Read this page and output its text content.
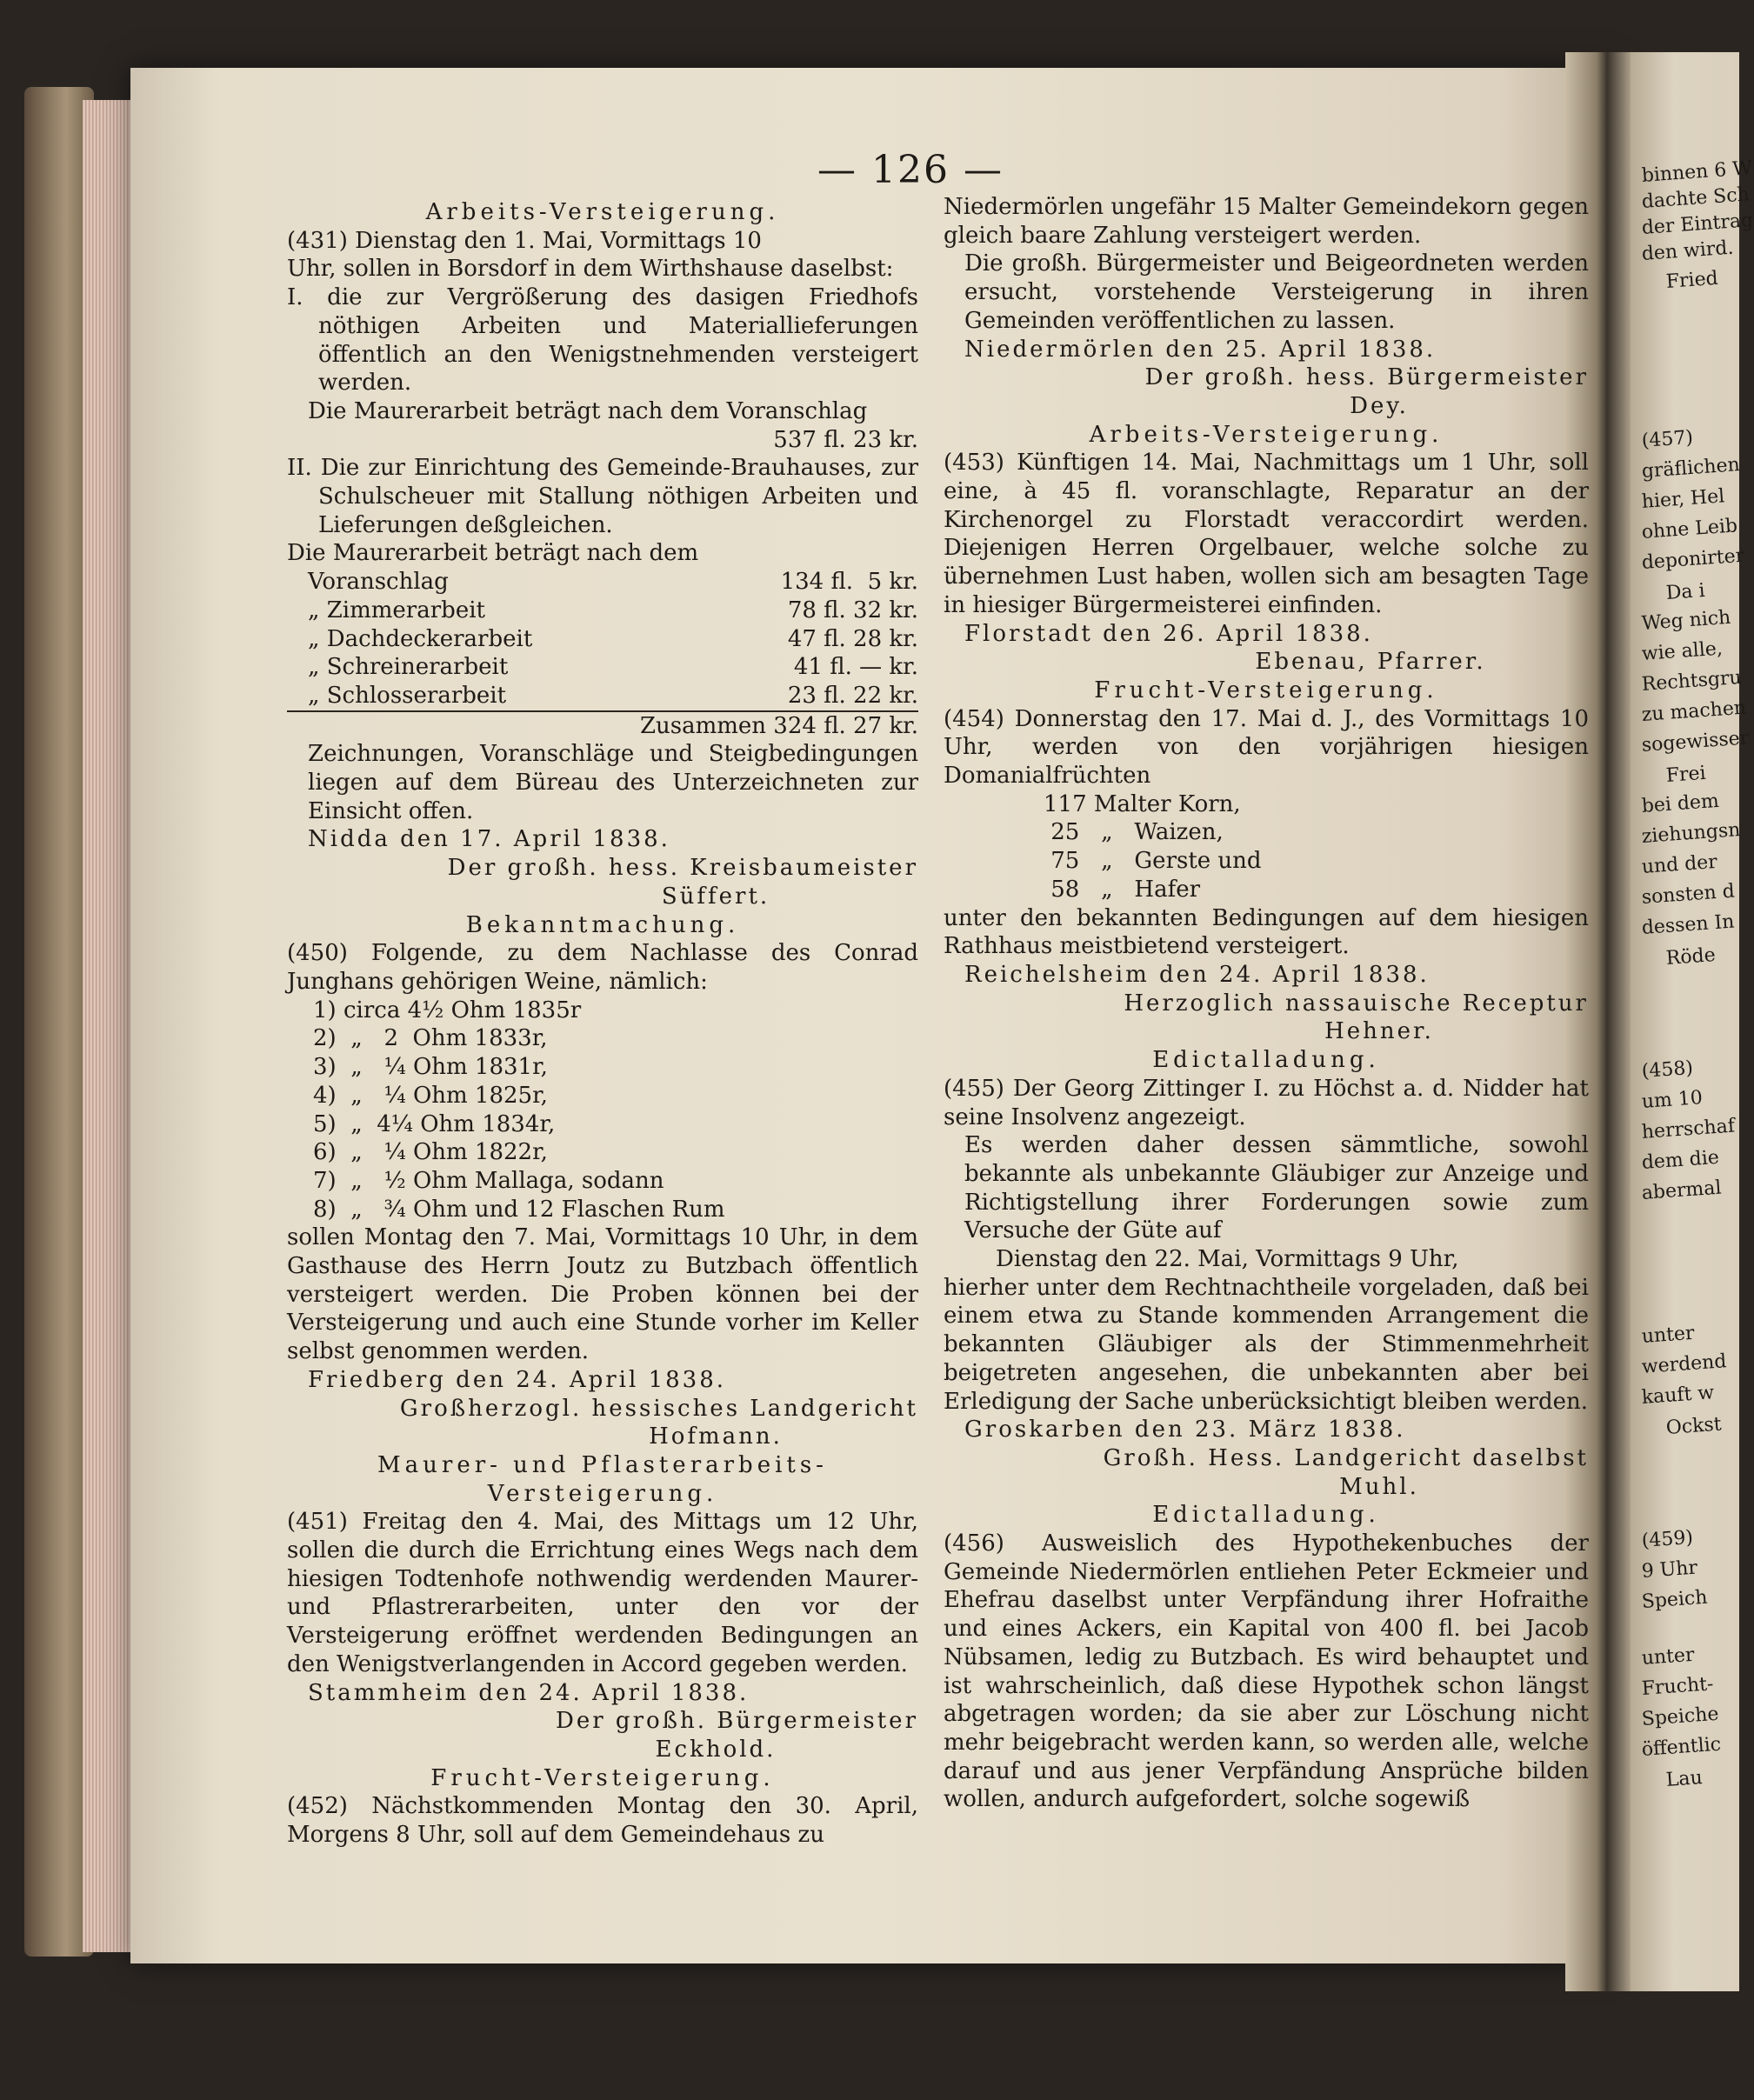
binnen 6 W
dachte Sch
der Eintrag
den wird.
Fried
(457)
gräflichen
hier, Hel
ohne Leib
deponirter
Da i
Weg nich
wie alle,
Rechtsgru
zu machen
sogewisser
Frei
bei dem
ziehungsn
und der
sonsten d
dessen In
Röde
(458)
um 10
herrschaf
dem die
abermal
unter
werdend
kauft w
Ockst
(459)
9 Uhr
Speich
unter
Frucht-
Speiche
öffentlic
Lau
— 126 —

Arbeits-Versteigerung.

(431) Dienstag den 1. Mai, Vormittags 10

Uhr, sollen in Borsdorf in dem Wirthshause daselbst:

I. die zur Vergrößerung des dasigen Friedhofs nöthigen Arbeiten und Materiallieferungen öffentlich an den Wenigstnehmenden versteigert werden.

Die Maurerarbeit beträgt nach dem Voranschlag

537 fl. 23 kr.

II. Die zur Einrichtung des Gemeinde-Brauhauses, zur Schulscheuer mit Stallung nöthigen Arbeiten und Lieferungen deßgleichen.

Die Maurerarbeit beträgt nach dem

Voranschlag	134 fl.  5 kr.

„ Zimmerarbeit	78 fl. 32 kr.

„ Dachdeckerarbeit	47 fl. 28 kr.

„ Schreinerarbeit	41 fl. — kr.

„ Schlosserarbeit	23 fl. 22 kr.

Zusammen 324 fl. 27 kr.

Zeichnungen, Voranschläge und Steigbedingungen liegen auf dem Büreau des Unterzeichneten zur Einsicht offen.

Nidda den 17. April 1838.

Der großh. hess. Kreisbaumeister

Süffert.

Bekanntmachung.

(450) Folgende, zu dem Nachlasse des Conrad Junghans gehörigen Weine, nämlich:

1) circa 4½ Ohm 1835r

2)  „   2  Ohm 1833r,

3)  „   ¼ Ohm 1831r,

4)  „   ¼ Ohm 1825r,

5)  „  4¼ Ohm 1834r,

6)  „   ¼ Ohm 1822r,

7)  „   ½ Ohm Mallaga, sodann

8)  „   ¾ Ohm und 12 Flaschen Rum

sollen Montag den 7. Mai, Vormittags 10 Uhr, in dem Gasthause des Herrn Joutz zu Butzbach öffentlich versteigert werden. Die Proben können bei der Versteigerung und auch eine Stunde vorher im Keller selbst genommen werden.

Friedberg den 24. April 1838.

Großherzogl. hessisches Landgericht

Hofmann.

Maurer- und Pflasterarbeits-Versteigerung.

(451) Freitag den 4. Mai, des Mittags um 12 Uhr, sollen die durch die Errichtung eines Wegs nach dem hiesigen Todtenhofe nothwendig werdenden Maurer- und Pflastrerarbeiten, unter den vor der Versteigerung eröffnet werdenden Bedingungen an den Wenigstverlangenden in Accord gegeben werden.

Stammheim den 24. April 1838.

Der großh. Bürgermeister

Eckhold.

Frucht-Versteigerung.

(452) Nächstkommenden Montag den 30. April, Morgens 8 Uhr, soll auf dem Gemeindehaus zu

Niedermörlen ungefähr 15 Malter Gemeindekorn gegen gleich baare Zahlung versteigert werden.

Die großh. Bürgermeister und Beigeordneten werden ersucht, vorstehende Versteigerung in ihren Gemeinden veröffentlichen zu lassen.

Niedermörlen den 25. April 1838.

Der großh. hess. Bürgermeister

Dey.

Arbeits-Versteigerung.

(453) Künftigen 14. Mai, Nachmittags um 1 Uhr, soll eine, à 45 fl. voranschlagte, Reparatur an der Kirchenorgel zu Florstadt veraccordirt werden. Diejenigen Herren Orgelbauer, welche solche zu übernehmen Lust haben, wollen sich am besagten Tage in hiesiger Bürgermeisterei einfinden.

Florstadt den 26. April 1838.

Ebenau, Pfarrer.

Frucht-Versteigerung.

(454) Donnerstag den 17. Mai d. J., des Vormittags 10 Uhr, werden von den vorjährigen hiesigen Domanialfrüchten

117 Malter Korn,

25   „   Waizen,

75   „   Gerste und

58   „   Hafer

unter den bekannten Bedingungen auf dem hiesigen Rathhaus meistbietend versteigert.

Reichelsheim den 24. April 1838.

Herzoglich nassauische Receptur

Hehner.

Edictalladung.

(455) Der Georg Zittinger I. zu Höchst a. d. Nidder hat seine Insolvenz angezeigt.

Es werden daher dessen sämmtliche, sowohl bekannte als unbekannte Gläubiger zur Anzeige und Richtigstellung ihrer Forderungen sowie zum Versuche der Güte auf

Dienstag den 22. Mai, Vormittags 9 Uhr,

hierher unter dem Rechtnachtheile vorgeladen, daß bei einem etwa zu Stande kommenden Arrangement die bekannten Gläubiger als der Stimmenmehrheit beigetreten angesehen, die unbekannten aber bei Erledigung der Sache unberücksichtigt bleiben werden.

Groskarben den 23. März 1838.

Großh. Hess. Landgericht daselbst

Muhl.

Edictalladung.

(456) Ausweislich des Hypothekenbuches der Gemeinde Niedermörlen entliehen Peter Eckmeier und Ehefrau daselbst unter Verpfändung ihrer Hofraithe und eines Ackers, ein Kapital von 400 fl. bei Jacob Nübsamen, ledig zu Butzbach. Es wird behauptet und ist wahrscheinlich, daß diese Hypothek schon längst abgetragen worden; da sie aber zur Löschung nicht mehr beigebracht werden kann, so werden alle, welche darauf und aus jener Verpfändung Ansprüche bilden wollen, andurch aufgefordert, solche sogewiß
